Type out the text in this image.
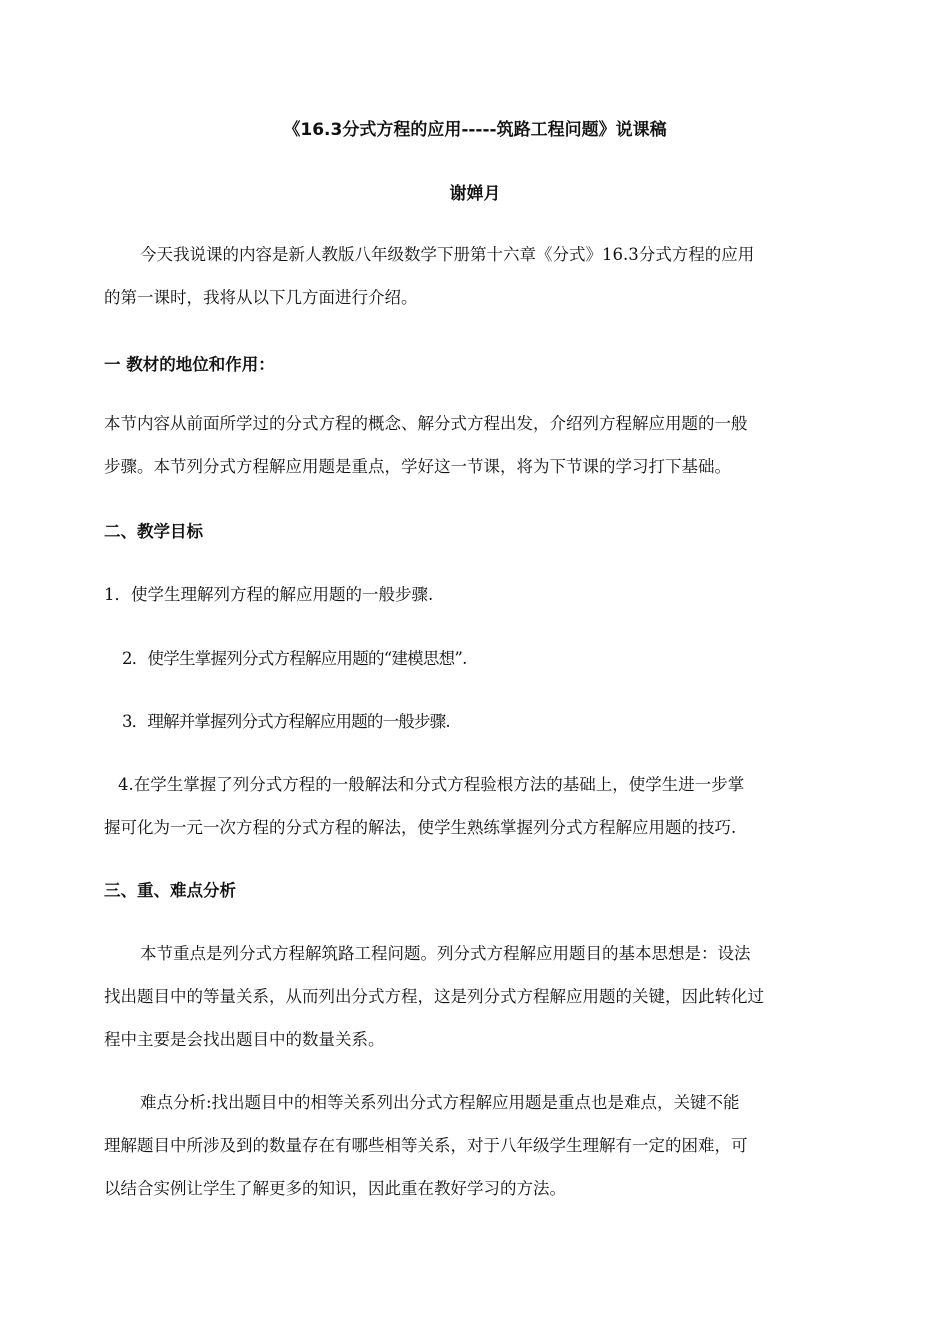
《16.3分式方程的应用-----筑路工程问题》说课稿
谢婵月
今天我说课的内容是新人教版八年级数学下册第十六章《分式》16.3分式方程的应用
的第一课时，我将从以下几方面进行介绍。
一 教材的地位和作用：
本节内容从前面所学过的分式方程的概念、解分式方程出发，介绍列方程解应用题的一般
步骤。本节列分式方程解应用题是重点，学好这一节课，将为下节课的学习打下基础。
二、教学目标
1．使学生理解列方程的解应用题的一般步骤.
2．使学生掌握列分式方程解应用题的“建模思想”.
3．理解并掌握列分式方程解应用题的一般步骤.
4.在学生掌握了列分式方程的一般解法和分式方程验根方法的基础上，使学生进一步掌
握可化为一元一次方程的分式方程的解法，使学生熟练掌握列分式方程解应用题的技巧.
三、重、难点分析
本节重点是列分式方程解筑路工程问题。列分式方程解应用题目的基本思想是：设法
找出题目中的等量关系，从而列出分式方程，这是列分式方程解应用题的关键，因此转化过
程中主要是会找出题目中的数量关系。
难点分析:找出题目中的相等关系列出分式方程解应用题是重点也是难点，关键不能
理解题目中所涉及到的数量存在有哪些相等关系，对于八年级学生理解有一定的困难，可
以结合实例让学生了解更多的知识，因此重在教好学习的方法。
